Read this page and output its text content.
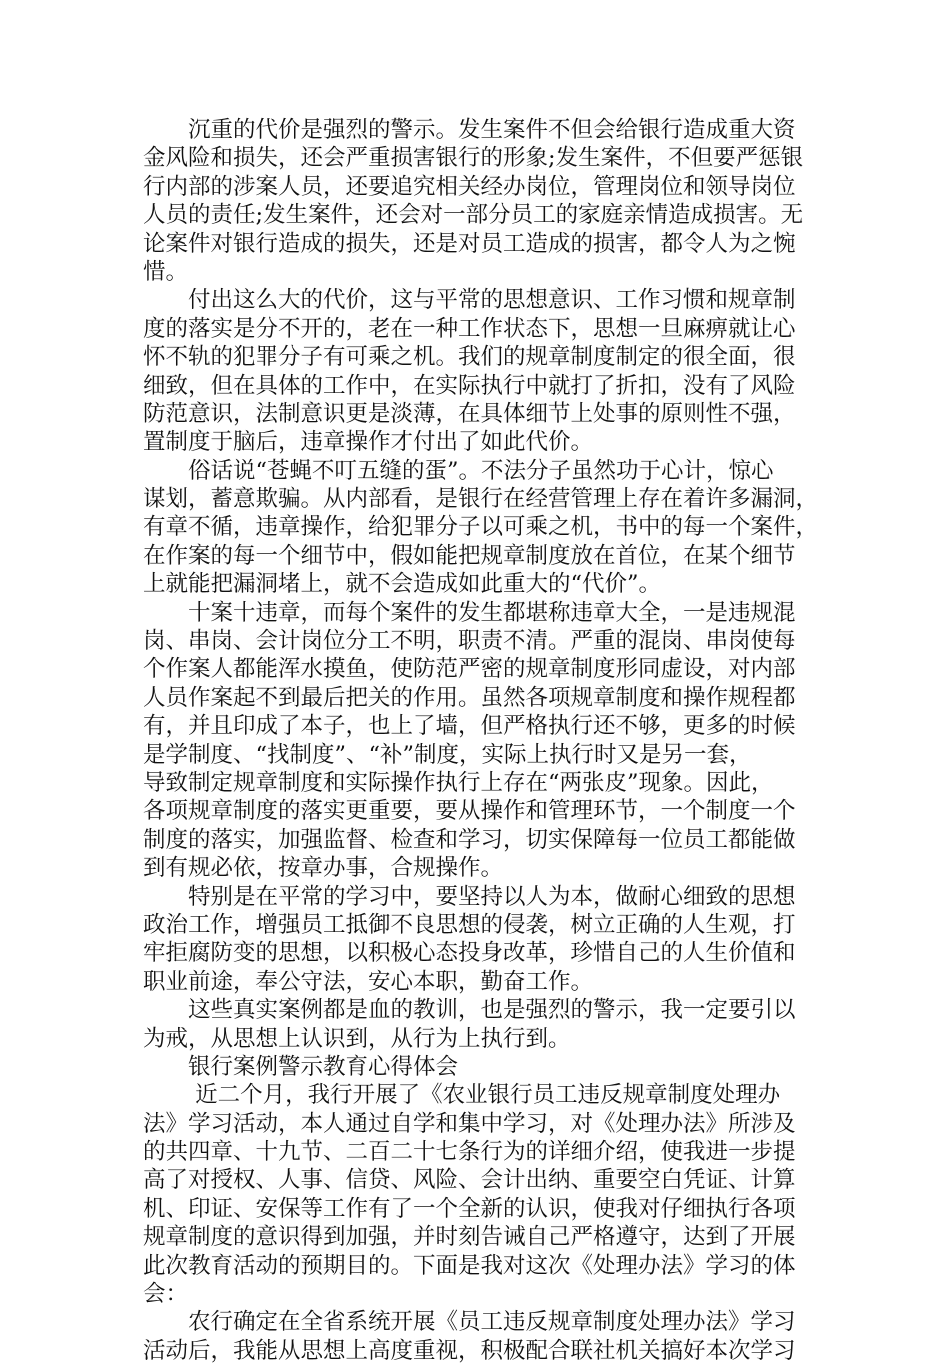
　　沉重的代价是强烈的警示。发生案件不但会给银行造成重大资
金风险和损失，还会严重损害银行的形象;发生案件，不但要严惩银
行内部的涉案人员，还要追究相关经办岗位，管理岗位和领导岗位
人员的责任;发生案件，还会对一部分员工的家庭亲情造成损害。无
论案件对银行造成的损失，还是对员工造成的损害，都令人为之惋
惜。
　　付出这么大的代价，这与平常的思想意识、工作习惯和规章制
度的落实是分不开的，老在一种工作状态下，思想一旦麻痹就让心
怀不轨的犯罪分子有可乘之机。我们的规章制度制定的很全面，很
细致，但在具体的工作中，在实际执行中就打了折扣，没有了风险
防范意识，法制意识更是淡薄，在具体细节上处事的原则性不强，
置制度于脑后，违章操作才付出了如此代价。
　　俗话说“苍蝇不叮五缝的蛋”。不法分子虽然功于心计，惊心
谋划，蓄意欺骗。从内部看，是银行在经营管理上存在着许多漏洞，
有章不循，违章操作，给犯罪分子以可乘之机，书中的每一个案件，
在作案的每一个细节中，假如能把规章制度放在首位，在某个细节
上就能把漏洞堵上，就不会造成如此重大的“代价”。
　　十案十违章，而每个案件的发生都堪称违章大全，一是违规混
岗、串岗、会计岗位分工不明，职责不清。严重的混岗、串岗使每
个作案人都能浑水摸鱼，使防范严密的规章制度形同虚设，对内部
人员作案起不到最后把关的作用。虽然各项规章制度和操作规程都
有，并且印成了本子，也上了墙，但严格执行还不够，更多的时候
是学制度、“找制度”、“补”制度，实际上执行时又是另一套，
导致制定规章制度和实际操作执行上存在“两张皮”现象。因此，
各项规章制度的落实更重要，要从操作和管理环节，一个制度一个
制度的落实，加强监督、检查和学习，切实保障每一位员工都能做
到有规必依，按章办事，合规操作。
　　特别是在平常的学习中，要坚持以人为本，做耐心细致的思想
政治工作，增强员工抵御不良思想的侵袭，树立正确的人生观，打
牢拒腐防变的思想，以积极心态投身改革，珍惜自己的人生价值和
职业前途，奉公守法，安心本职，勤奋工作。
　　这些真实案例都是血的教训，也是强烈的警示，我一定要引以
为戒，从思想上认识到，从行为上执行到。
　　银行案例警示教育心得体会
　　 近二个月，我行开展了《农业银行员工违反规章制度处理办
法》学习活动，本人通过自学和集中学习，对《处理办法》所涉及
的共四章、十九节、二百二十七条行为的详细介绍，使我进一步提
高了对授权、人事、信贷、风险、会计出纳、重要空白凭证、计算
机、印证、安保等工作有了一个全新的认识，使我对仔细执行各项
规章制度的意识得到加强，并时刻告诫自己严格遵守，达到了开展
此次教育活动的预期目的。下面是我对这次《处理办法》学习的体
会：
　　农行确定在全省系统开展《员工违反规章制度处理办法》学习
活动后，我能从思想上高度重视，积极配合联社机关搞好本次学习
